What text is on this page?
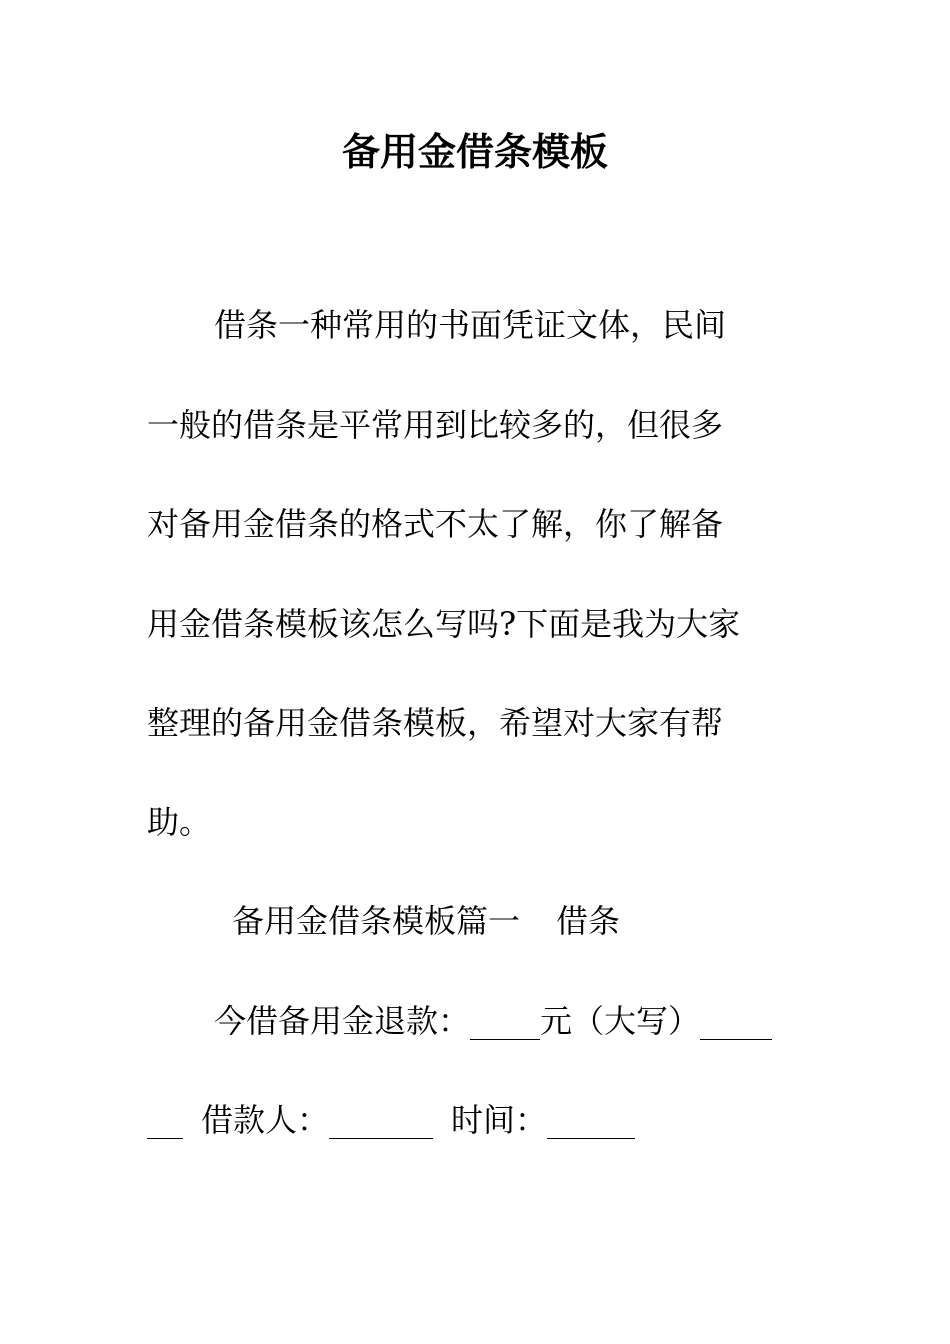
备用金借条模板
借条一种常用的书面凭证文体，民间
一般的借条是平常用到比较多的，但很多
对备用金借条的格式不太了解，你了解备
用金借条模板该怎么写吗?下面是我为大家
整理的备用金借条模板，希望对大家有帮
助。
备用金借条模板篇一 借条
今借备用金退款： 元（大写）
借款人：	时间：
